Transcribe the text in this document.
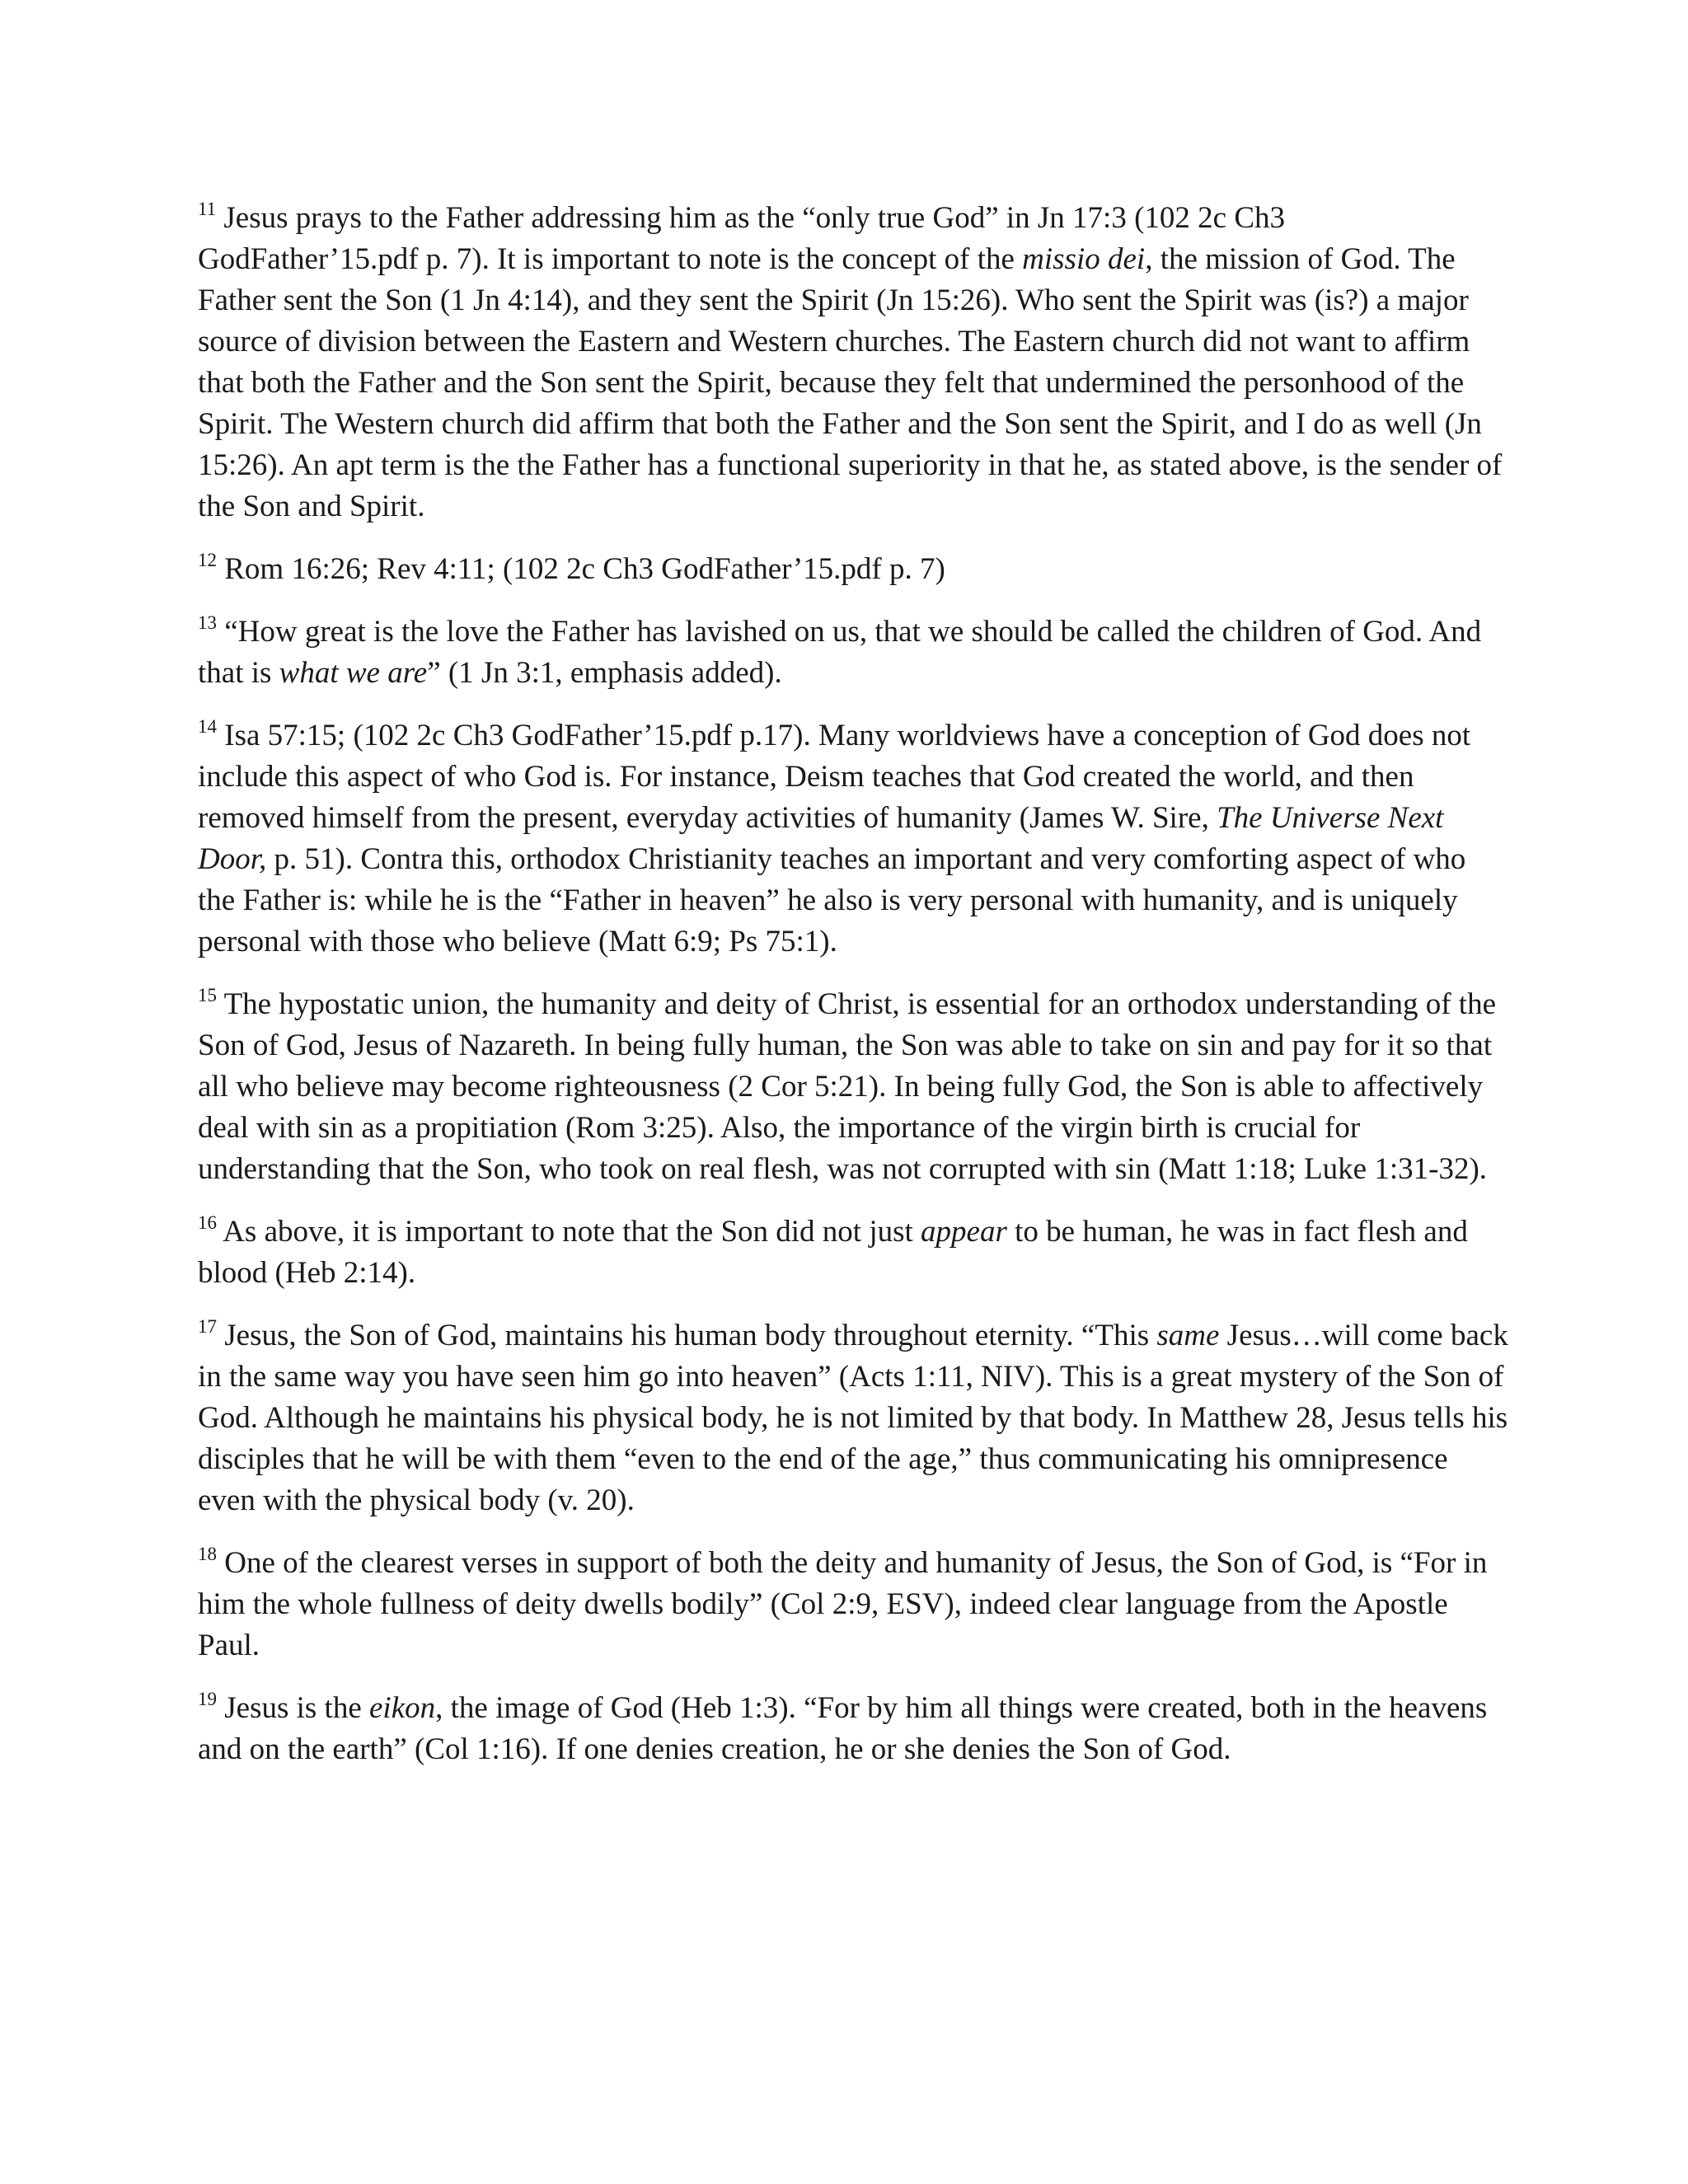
$^{11}$ Jesus prays to the Father addressing him as the “only true God” in Jn 17:3 (102 2c Ch3 GodFather’15.pdf p. 7). It is important to note is the concept of the missio dei, the mission of God. The Father sent the Son (1 Jn 4:14), and they sent the Spirit (Jn 15:26). Who sent the Spirit was (is?) a major source of division between the Eastern and Western churches. The Eastern church did not want to affirm that both the Father and the Son sent the Spirit, because they felt that undermined the personhood of the Spirit. The Western church did affirm that both the Father and the Son sent the Spirit, and I do as well (Jn 15:26). An apt term is the the Father has a functional superiority in that he, as stated above, is the sender of the Son and Spirit.

$^{12}$ Rom 16:26; Rev 4:11; (102 2c Ch3 GodFather’15.pdf p. 7)

$^{13}$ “How great is the love the Father has lavished on us, that we should be called the children of God. And that is what we are” (1 Jn 3:1, emphasis added).

$^{14}$ Isa 57:15; (102 2c Ch3 GodFather’15.pdf p.17). Many worldviews have a conception of God does not include this aspect of who God is. For instance, Deism teaches that God created the world, and then removed himself from the present, everyday activities of humanity (James W. Sire, The Universe Next Door, p. 51). Contra this, orthodox Christianity teaches an important and very comforting aspect of who the Father is: while he is the “Father in heaven” he also is very personal with humanity, and is uniquely personal with those who believe (Matt 6:9; Ps 75:1).

$^{15}$ The hypostatic union, the humanity and deity of Christ, is essential for an orthodox understanding of the Son of God, Jesus of Nazareth. In being fully human, the Son was able to take on sin and pay for it so that all who believe may become righteousness (2 Cor 5:21). In being fully God, the Son is able to affectively deal with sin as a propitiation (Rom 3:25). Also, the importance of the virgin birth is crucial for understanding that the Son, who took on real flesh, was not corrupted with sin (Matt 1:18; Luke 1:31-32).

$^{16}$ As above, it is important to note that the Son did not just appear to be human, he was in fact flesh and blood (Heb 2:14).

$^{17}$ Jesus, the Son of God, maintains his human body throughout eternity. “This same Jesus…will come back in the same way you have seen him go into heaven” (Acts 1:11, NIV). This is a great mystery of the Son of God. Although he maintains his physical body, he is not limited by that body. In Matthew 28, Jesus tells his disciples that he will be with them “even to the end of the age,” thus communicating his omnipresence even with the physical body (v. 20).

$^{18}$ One of the clearest verses in support of both the deity and humanity of Jesus, the Son of God, is “For in him the whole fullness of deity dwells bodily” (Col 2:9, ESV), indeed clear language from the Apostle Paul.

$^{19}$ Jesus is the eikon, the image of God (Heb 1:3). “For by him all things were created, both in the heavens and on the earth” (Col 1:16). If one denies creation, he or she denies the Son of God.
